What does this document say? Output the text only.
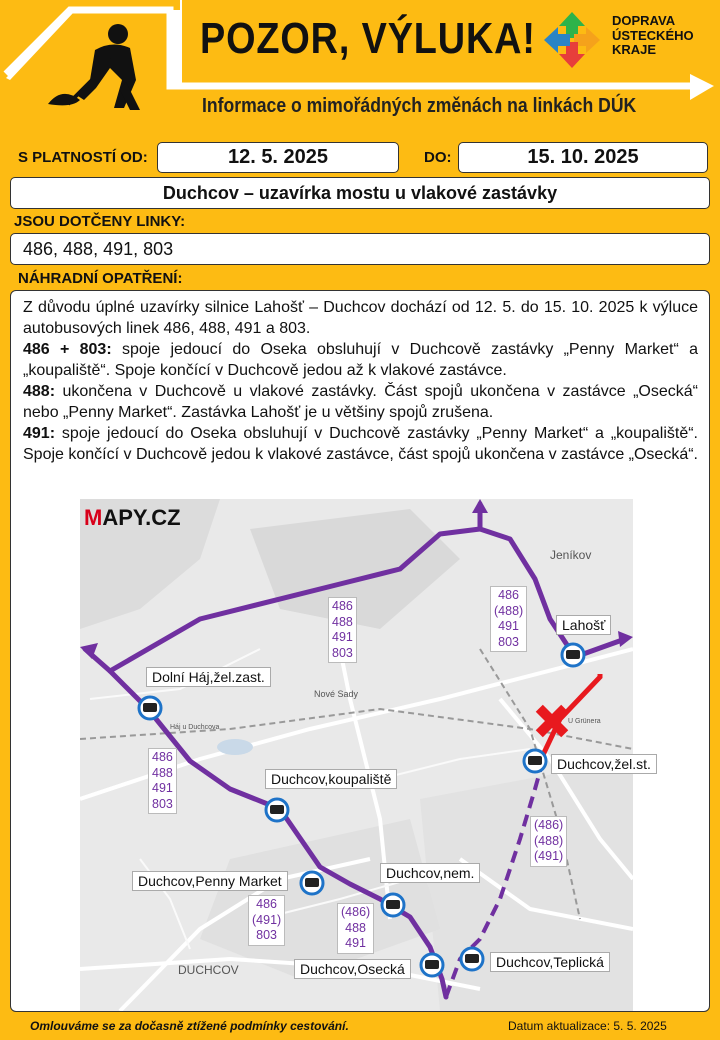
POZOR, VÝLUKA!
Informace o mimořádných změnách na linkách DÚK
DOPRAVA
ÚSTECKÉHO
KRAJE
S PLATNOSTÍ OD:	12. 5. 2025	DO:	15. 10. 2025
Duchcov – uzavírka mostu u vlakové zastávky
JSOU DOTČENY LINKY:
486, 488, 491, 803
NÁHRADNÍ OPATŘENÍ:

Z důvodu úplné uzavírky silnice Lahošť – Duchcov dochází od 12. 5. do 15. 10. 2025 k výluce autobusových linek 486, 488, 491 a 803.

486 + 803: spoje jedoucí do Oseka obsluhují v Duchcově zastávky „Penny Market“ a „koupaliště“. Spoje končící v Duchcově jedou až k vlakové zastávce.

488: ukončena v Duchcově u vlakové zastávky. Část spojů ukončena v zastávce „Osecká“ nebo „Penny Market“. Zastávka Lahošť je u většiny spojů zrušena.

491: spoje jedoucí do Oseka obsluhují v Duchcově zastávky „Penny Market“ a „koupaliště“. Spoje končící v Duchcově jedou k vlakové zastávce, část spojů ukončena v zastávce „Osecká“.

Jeníkov
Nové Sady
Háj u Duchcova
DUCHCOV
U Grünera
MAPY.CZ
Dolní Háj,žel.zast.
Duchcov,koupaliště
Duchcov,Penny Market	Duchcov,nem.
Duchcov,Osecká	Duchcov,Teplická
Duchcov,žel.st.
Lahošť
486
488
491
803
486
(488)
491
803
486
488
491
803
486
(491)
803
(486)
488
491
(486)
(488)
(491)
Omlouváme se za dočasně ztížené podmínky cestování.	Datum aktualizace: 5. 5. 2025
